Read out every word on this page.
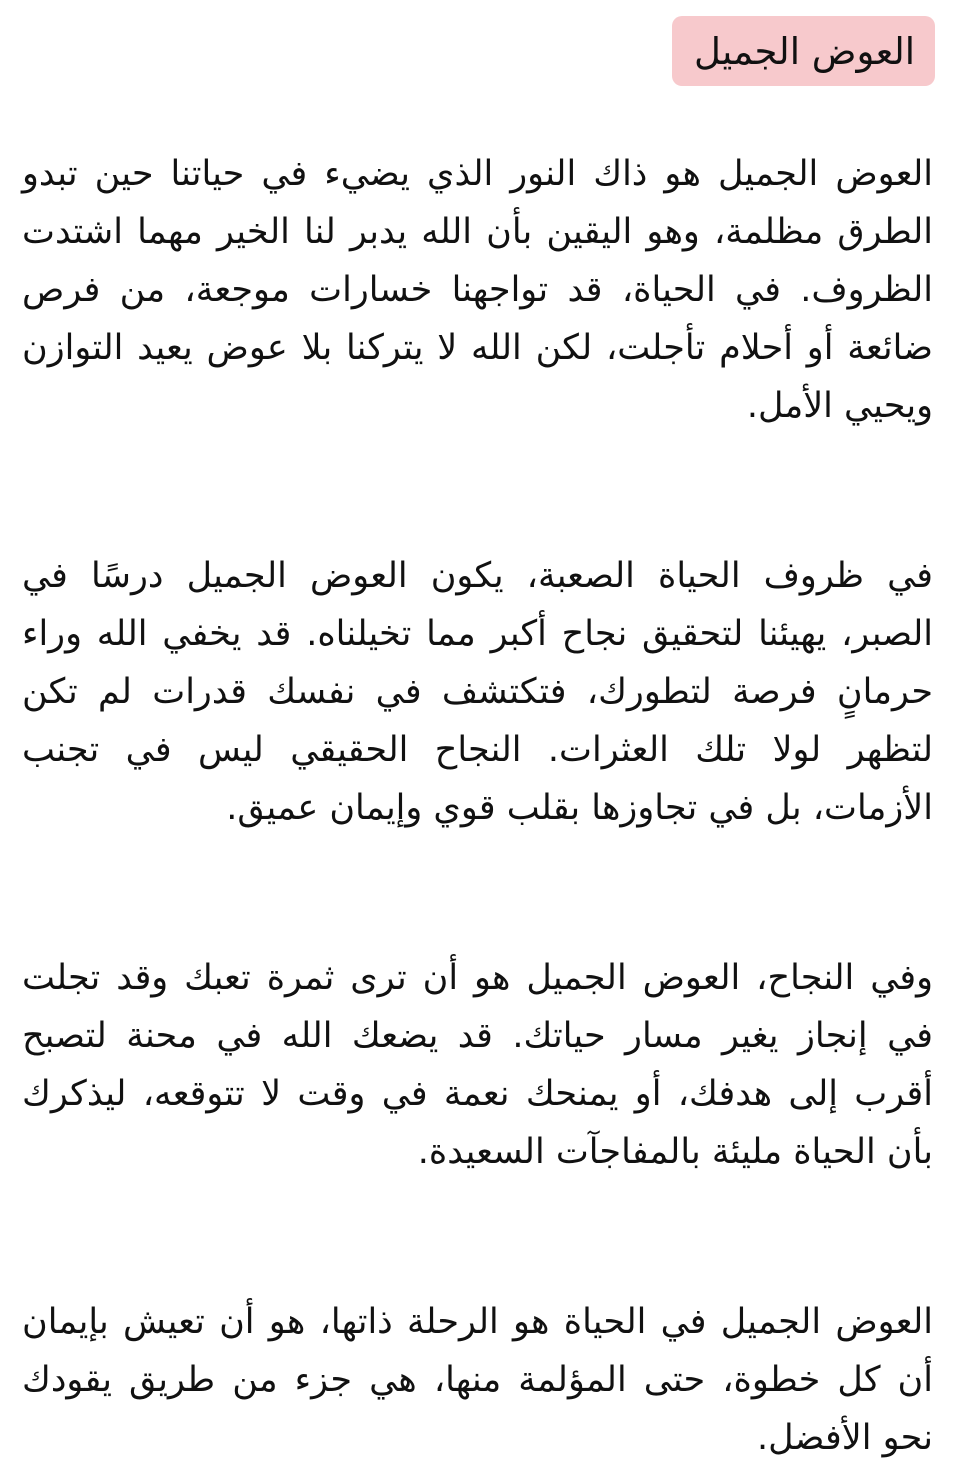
العوض الجميل

العوض الجميل هو ذاك النور الذي يضيء في حياتنا حين تبدو الطرق مظلمة، وهو اليقين بأن الله يدبر لنا الخير مهما اشتدت الظروف. في الحياة، قد تواجهنا خسارات موجعة، من فرص ضائعة أو أحلام تأجلت، لكن الله لا يتركنا بلا عوض يعيد التوازن ويحيي الأمل.

في ظروف الحياة الصعبة، يكون العوض الجميل درسًا في الصبر، يهيئنا لتحقيق نجاح أكبر مما تخيلناه. قد يخفي الله وراء حرمانٍ فرصة لتطورك، فتكتشف في نفسك قدرات لم تكن لتظهر لولا تلك العثرات. النجاح الحقيقي ليس في تجنب الأزمات، بل في تجاوزها بقلب قوي وإيمان عميق.

وفي النجاح، العوض الجميل هو أن ترى ثمرة تعبك وقد تجلت في إنجاز يغير مسار حياتك. قد يضعك الله في محنة لتصبح أقرب إلى هدفك، أو يمنحك نعمة في وقت لا تتوقعه، ليذكرك بأن الحياة مليئة بالمفاجآت السعيدة.

العوض الجميل في الحياة هو الرحلة ذاتها، هو أن تعيش بإيمان أن كل خطوة، حتى المؤلمة منها، هي جزء من طريق يقودك نحو الأفضل.
